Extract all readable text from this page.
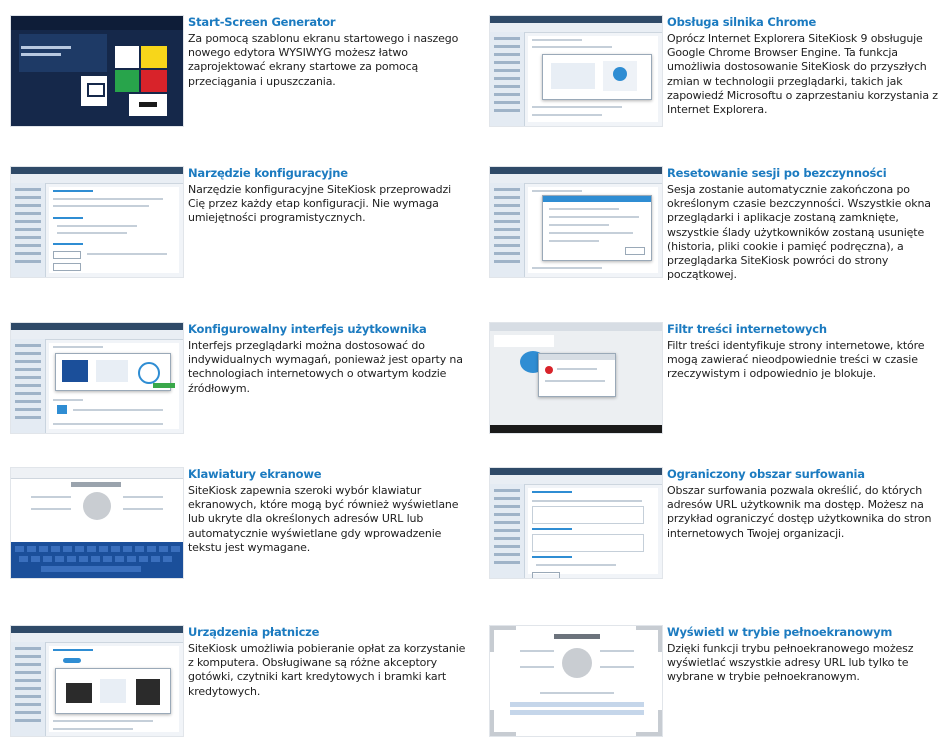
Start-Screen Generator

Za pomocą szablonu ekranu startowego i naszego nowego edytora WYSIWYG możesz łatwo zaprojektować ekrany startowe za pomocą przeciągania i upuszczania.

Obsługa silnika Chrome

Oprócz Internet Explorera SiteKiosk 9 obsługuje Google Chrome Browser Engine. Ta funkcja umożliwia dostosowanie SiteKiosk do przyszłych zmian w technologii przeglądarki, takich jak zapowiedź Microsoftu o zaprzestaniu korzystania z Internet Explorera.

Narzędzie konfiguracyjne

Narzędzie konfiguracyjne SiteKiosk przeprowadzi Cię przez każdy etap konfiguracji. Nie wymaga umiejętności programistycznych.

Resetowanie sesji po bezczynności

Sesja zostanie automatycznie zakończona po określonym czasie bezczynności. Wszystkie okna przeglądarki i aplikacje zostaną zamknięte, wszystkie ślady użytkowników zostaną usunięte (historia, pliki cookie i pamięć podręczna), a przeglądarka SiteKiosk powróci do strony początkowej.

Konfigurowalny interfejs użytkownika

Interfejs przeglądarki można dostosować do indywidualnych wymagań, ponieważ jest oparty na technologiach internetowych o otwartym kodzie źródłowym.

Filtr treści internetowych

Filtr treści identyfikuje strony internetowe, które mogą zawierać nieodpowiednie treści w czasie rzeczywistym i odpowiednio je blokuje.

Klawiatury ekranowe

SiteKiosk zapewnia szeroki wybór klawiatur ekranowych, które mogą być również wyświetlane lub ukryte dla określonych adresów URL lub automatycznie wyświetlane gdy wprowadzenie tekstu jest wymagane.

Ograniczony obszar surfowania

Obszar surfowania pozwala określić, do których adresów URL użytkownik ma dostęp. Możesz na przykład ograniczyć dostęp użytkownika do stron internetowych Twojej organizacji.

Urządzenia płatnicze

SiteKiosk umożliwia pobieranie opłat za korzystanie z komputera. Obsługiwane są różne akceptory gotówki, czytniki kart kredytowych i bramki kart kredytowych.

Wyświetl w trybie pełnoekranowym

Dzięki funkcji trybu pełnoekranowego możesz wyświetlać wszystkie adresy URL lub tylko te wybrane w trybie pełnoekranowym.
